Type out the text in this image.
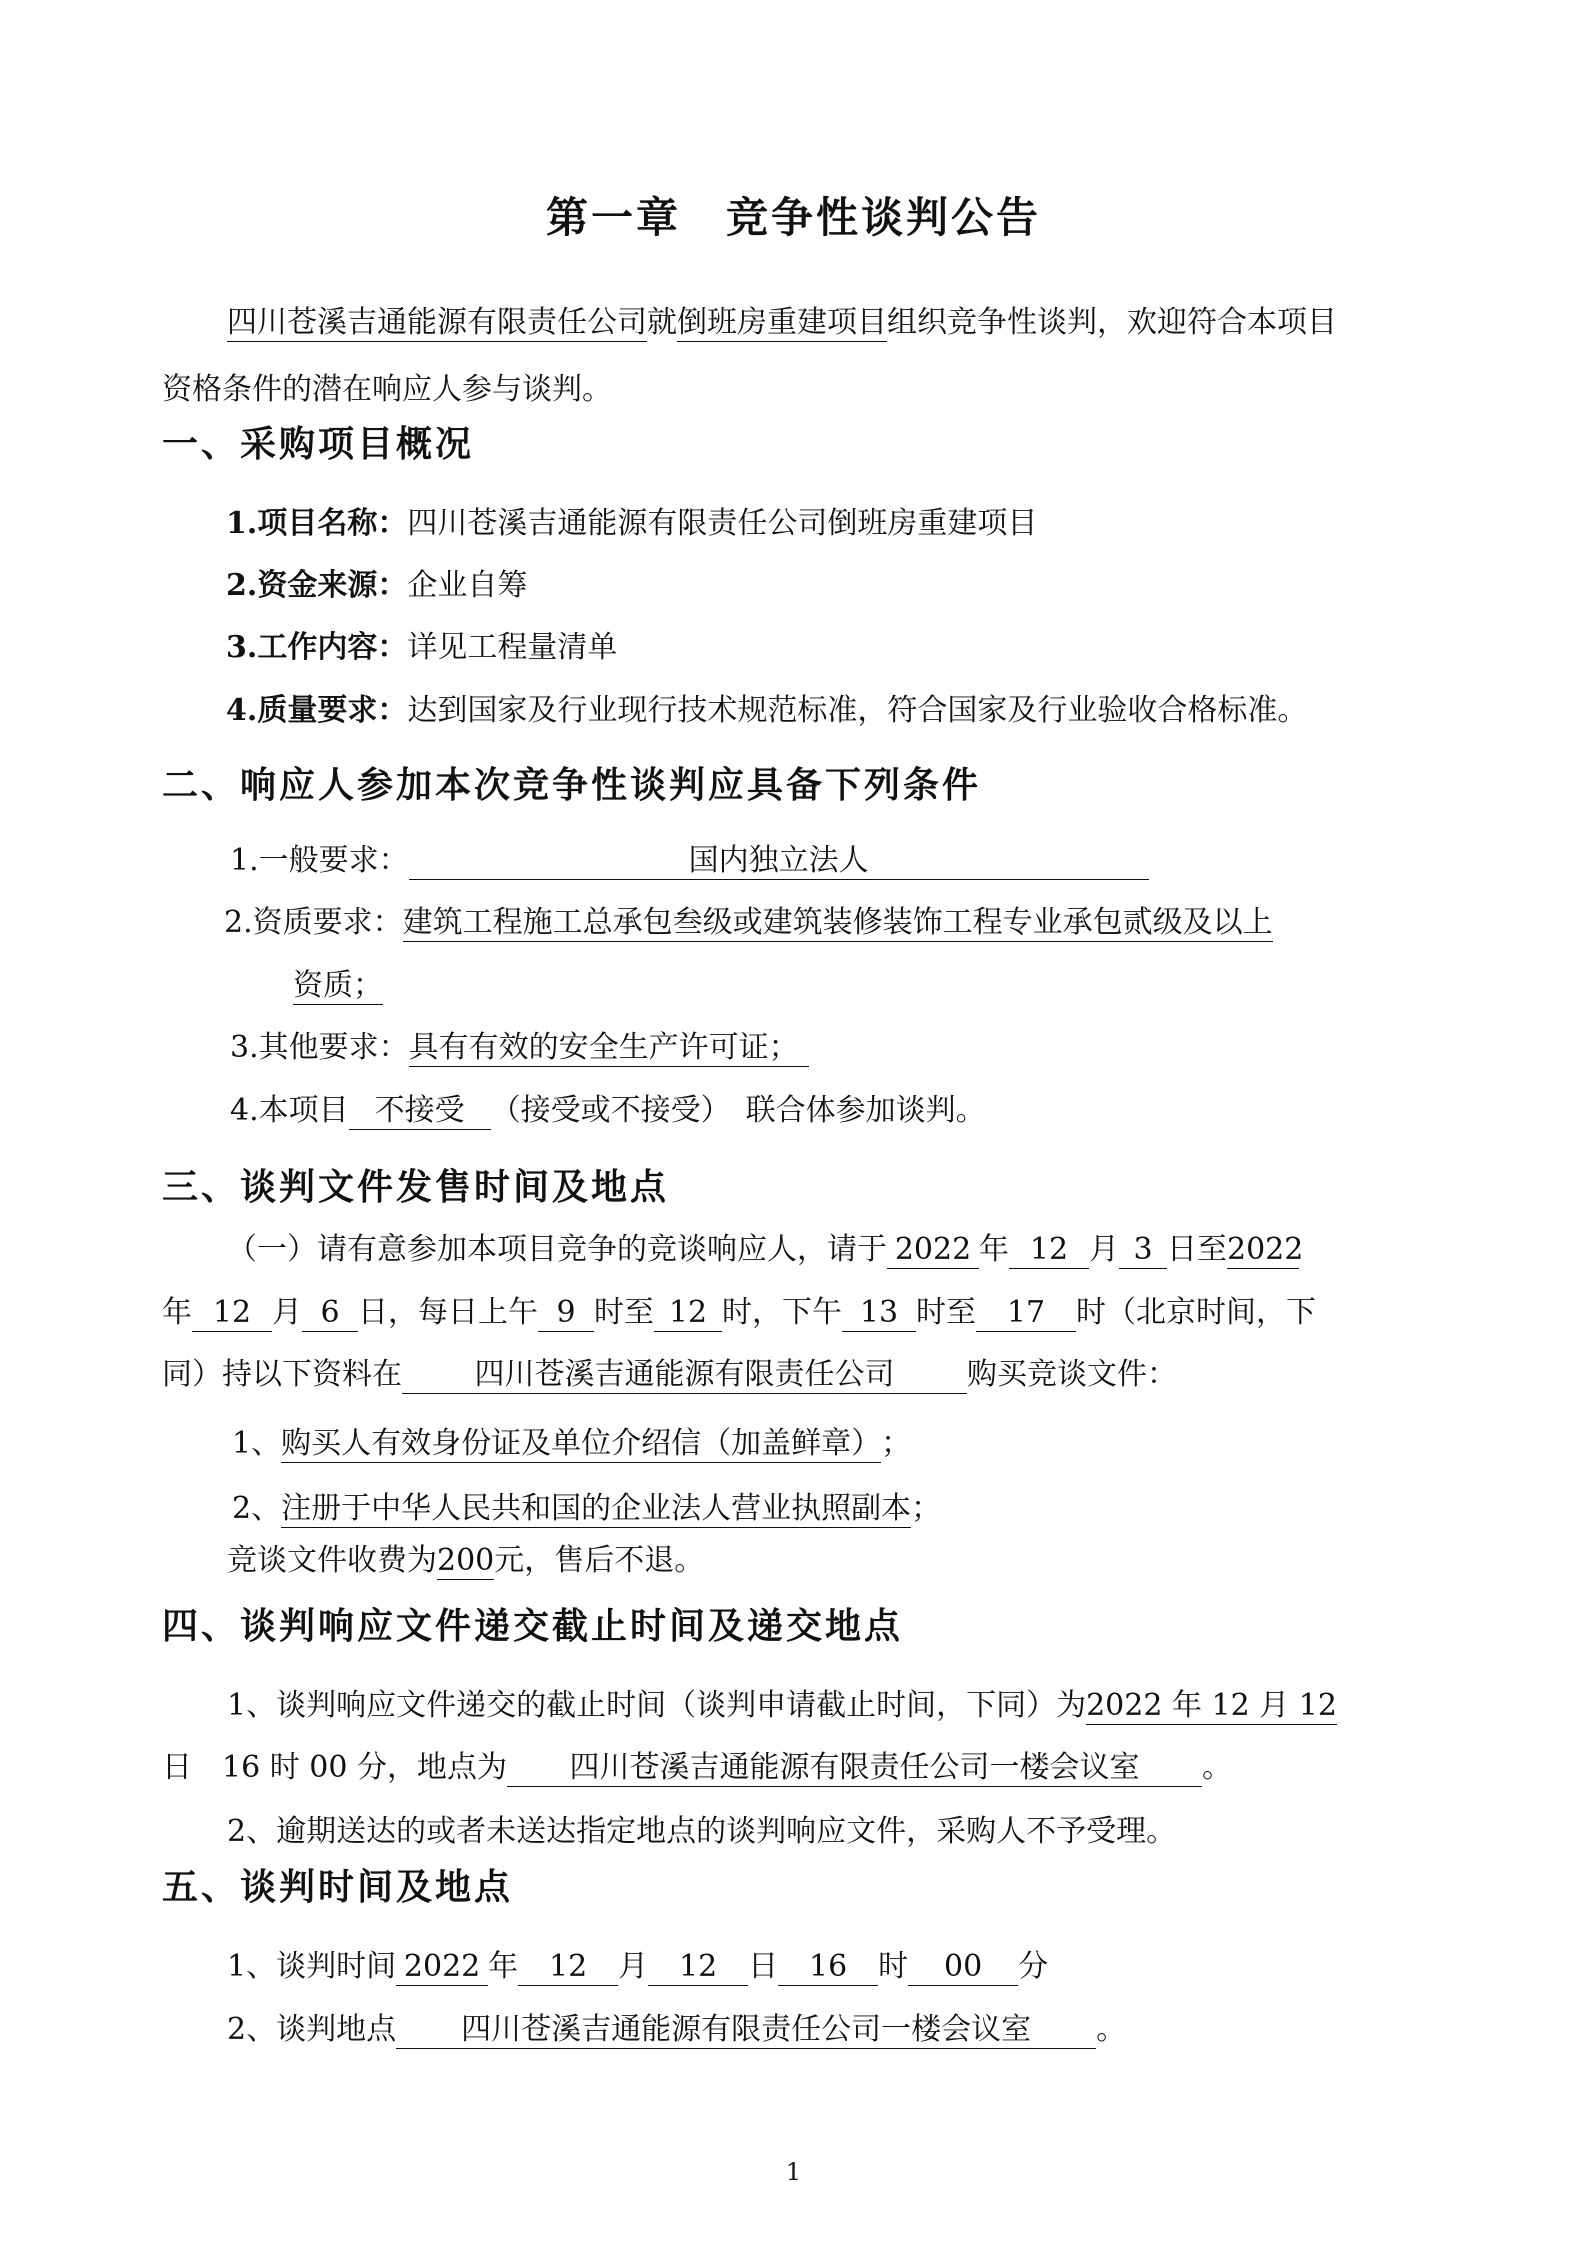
第一章　竞争性谈判公告
四川苍溪吉通能源有限责任公司就倒班房重建项目组织竞争性谈判，欢迎符合本项目
资格条件的潜在响应人参与谈判。
一、采购项目概况
1.项目名称：四川苍溪吉通能源有限责任公司倒班房重建项目
2.资金来源：企业自筹
3.工作内容：详见工程量清单
4.质量要求：达到国家及行业现行技术规范标准，符合国家及行业验收合格标准。
二、响应人参加本次竞争性谈判应具备下列条件
1.一般要求：	国内独立法人
2.资质要求：建筑工程施工总承包叁级或建筑装修装饰工程专业承包贰级及以上
资质；
3.其他要求：具有有效的安全生产许可证；
4.本项目 不接受 （接受或不接受）　联合体参加谈判。
三、谈判文件发售时间及地点
（一）请有意参加本项目竞争的竞谈响应人，请于 2022 年 12 月 3 日至2022
年 12 月 6 日，每日上午 9 时至 12 时，下午 13 时至 17 时（北京时间，下
同）持以下资料在 四川苍溪吉通能源有限责任公司 购买竞谈文件：
1、购买人有效身份证及单位介绍信（加盖鲜章）；
2、注册于中华人民共和国的企业法人营业执照副本；
竞谈文件收费为200元，售后不退。
四、谈判响应文件递交截止时间及递交地点
1、谈判响应文件递交的截止时间（谈判申请截止时间，下同）为2022 年 12 月 12
日　16 时 00 分，地点为 四川苍溪吉通能源有限责任公司一楼会议室 。
2、逾期送达的或者未送达指定地点的谈判响应文件，采购人不予受理。
五、谈判时间及地点
1、谈判时间 2022 年 12 月 12 日 16 时 00 分
2、谈判地点 四川苍溪吉通能源有限责任公司一楼会议室 。
1
